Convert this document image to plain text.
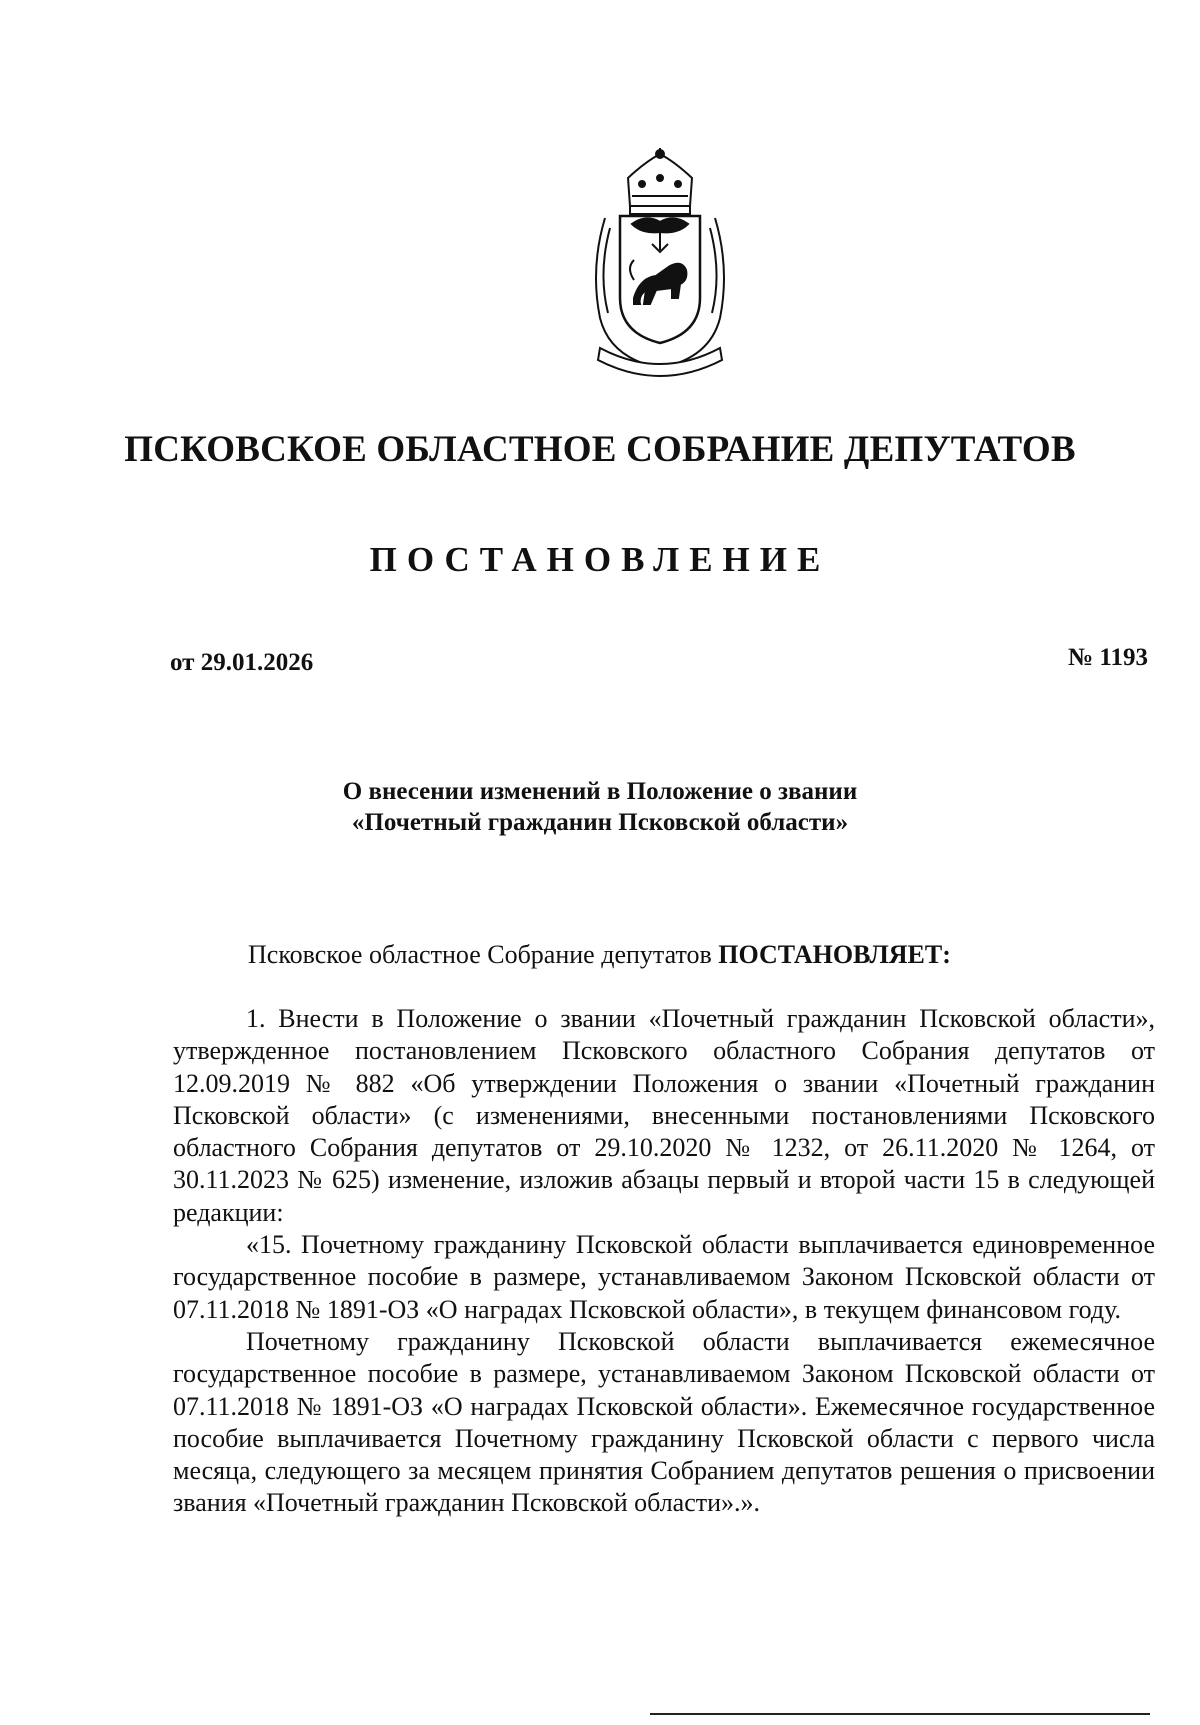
ПСКОВСКОЕ ОБЛАСТНОЕ СОБРАНИЕ ДЕПУТАТОВ
ПОСТАНОВЛЕНИЕ
от 29.01.2026	№ 1193
О внесении изменений в Положение о звании
«Почетный гражданин Псковской области»
Псковское областное Собрание депутатов ПОСТАНОВЛЯЕТ:

1. Внести в Положение о звании «Почетный гражданин Псковской области», утвержденное постановлением Псковского областного Собрания депутатов от 12.09.2019 № 882 «Об утверждении Положения о звании «Почетный гражданин Псковской области» (с изменениями, внесенными постановлениями Псковского областного Собрания депутатов от 29.10.2020 № 1232, от 26.11.2020 № 1264, от 30.11.2023 № 625) изменение, изложив абзацы первый и второй части 15 в следующей редакции:

«15. Почетному гражданину Псковской области выплачивается единовременное государственное пособие в размере, устанавливаемом Законом Псковской области от 07.11.2018 № 1891-ОЗ «О наградах Псковской области», в текущем финансовом году.

Почетному гражданину Псковской области выплачивается ежемесячное государственное пособие в размере, устанавливаемом Законом Псковской области от 07.11.2018 № 1891-ОЗ «О наградах Псковской области». Ежемесячное государственное пособие выплачивается Почетному гражданину Псковской области с первого числа месяца, следующего за месяцем принятия Собранием депутатов решения о присвоении звания «Почетный гражданин Псковской области».».
